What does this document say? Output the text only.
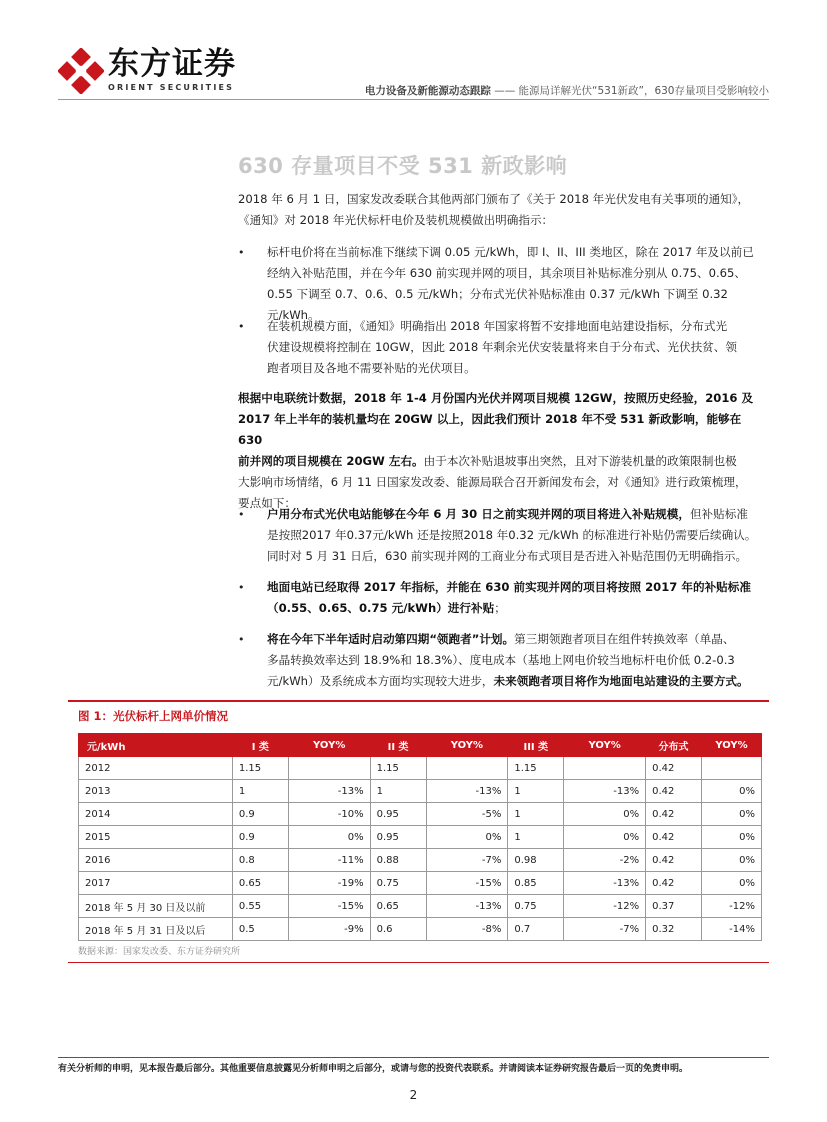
东方证券
ORIENT SECURITIES	电力设备及新能源动态跟踪 —— 能源局详解光伏“531新政”，630存量项目受影响较小
630 存量项目不受 531 新政影响
2018 年 6 月 1 日，国家发改委联合其他两部门颁布了《关于 2018 年光伏发电有关事项的通知》，
《通知》对 2018 年光伏标杆电价及装机规模做出明确指示：
• 标杆电价将在当前标准下继续下调 0.05 元/kWh，即 I、II、III 类地区，除在 2017 年及以前已
经纳入补贴范围，并在今年 630 前实现并网的项目，其余项目补贴标准分别从 0.75、0.65、
0.55 下调至 0.7、0.6、0.5 元/kWh；分布式光伏补贴标准由 0.37 元/kWh 下调至 0.32 元/kWh。
• 在装机规模方面，《通知》明确指出 2018 年国家将暂不安排地面电站建设指标，分布式光
伏建设规模将控制在 10GW，因此 2018 年剩余光伏安装量将来自于分布式、光伏扶贫、领
跑者项目及各地不需要补贴的光伏项目。
根据中电联统计数据，2018 年 1-4 月份国内光伏并网项目规模 12GW，按照历史经验，2016 及
2017 年上半年的装机量均在 20GW 以上，因此我们预计 2018 年不受 531 新政影响，能够在 630
前并网的项目规模在 20GW 左右。由于本次补贴退坡事出突然，且对下游装机量的政策限制也极
大影响市场情绪，6 月 11 日国家发改委、能源局联合召开新闻发布会，对《通知》进行政策梳理，
要点如下：
• 户用分布式光伏电站能够在今年 6 月 30 日之前实现并网的项目将进入补贴规模，但补贴标准
是按照2017 年0.37元/kWh 还是按照2018 年0.32 元/kWh 的标准进行补贴仍需要后续确认。
同时对 5 月 31 日后，630 前实现并网的工商业分布式项目是否进入补贴范围仍无明确指示。
• 地面电站已经取得 2017 年指标，并能在 630 前实现并网的项目将按照 2017 年的补贴标准
（0.55、0.65、0.75 元/kWh）进行补贴；
• 将在今年下半年适时启动第四期“领跑者”计划。第三期领跑者项目在组件转换效率（单晶、
多晶转换效率达到 18.9%和 18.3%）、度电成本（基地上网电价较当地标杆电价低 0.2-0.3
元/kWh）及系统成本方面均实现较大进步，未来领跑者项目将作为地面电站建设的主要方式。
图 1：光伏标杆上网单价情况
元/kWh	I 类	YOY%	II 类	YOY%	III 类	YOY%	分布式	YOY%
2012	1.15		1.15		1.15		0.42	
2013	1	-13%	1	-13%	1	-13%	0.42	0%
2014	0.9	-10%	0.95	-5%	1	0%	0.42	0%
2015	0.9	0%	0.95	0%	1	0%	0.42	0%
2016	0.8	-11%	0.88	-7%	0.98	-2%	0.42	0%
2017	0.65	-19%	0.75	-15%	0.85	-13%	0.42	0%
2018 年 5 月 30 日及以前	0.55	-15%	0.65	-13%	0.75	-12%	0.37	-12%
2018 年 5 月 31 日及以后	0.5	-9%	0.6	-8%	0.7	-7%	0.32	-14%
数据来源：国家发改委、东方证券研究所
有关分析师的申明，见本报告最后部分。其他重要信息披露见分析师申明之后部分，或请与您的投资代表联系。并请阅读本证券研究报告最后一页的免责申明。
2
